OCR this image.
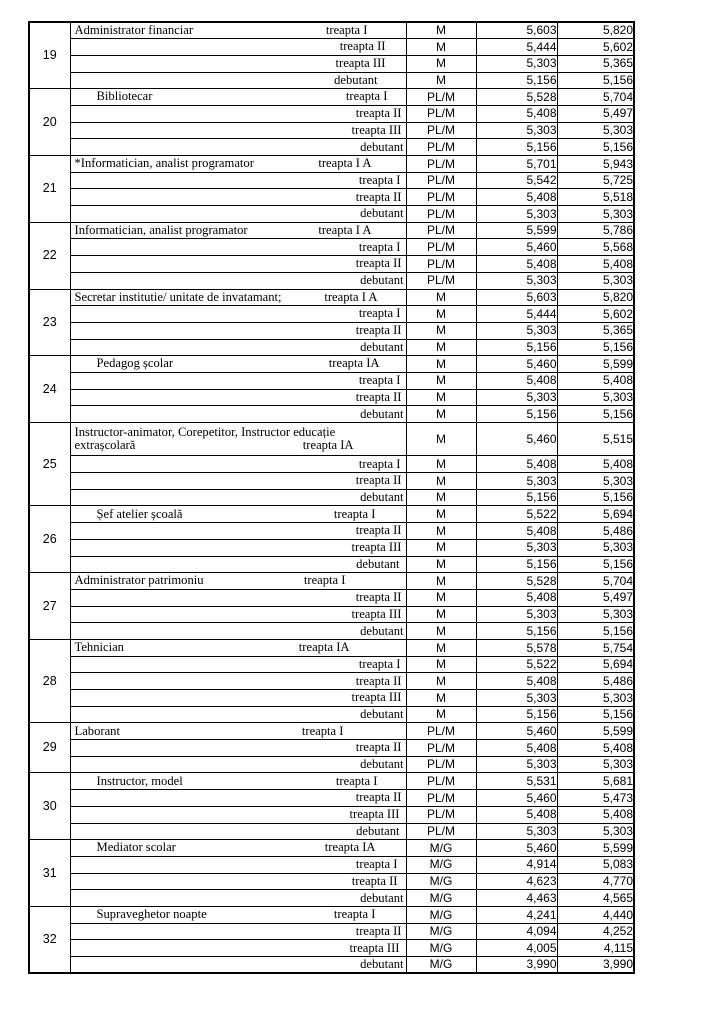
19	Administrator financiar treapta I	M	5,603	5,820

	treapta II	M	5,444	5,602

	treapta III	M	5,303	5,365

	debutant	M	5,156	5,156
20	Bibliotecar treapta I	PL/M	5,528	5,704

	treapta II	PL/M	5,408	5,497

	treapta III	PL/M	5,303	5,303

	debutant	PL/M	5,156	5,156
21	*Informatician, analist programator treapta I A	PL/M	5,701	5,943

	treapta I	PL/M	5,542	5,725

	treapta II	PL/M	5,408	5,518

	debutant	PL/M	5,303	5,303
22	Informatician, analist programator treapta I A	PL/M	5,599	5,786

	treapta I	PL/M	5,460	5,568

	treapta II	PL/M	5,408	5,408

	debutant	PL/M	5,303	5,303
23	Secretar institutie/ unitate de invatamant; treapta I A	M	5,603	5,820

	treapta I	M	5,444	5,602

	treapta II	M	5,303	5,365

	debutant	M	5,156	5,156
24	Pedagog școlar treapta IA	M	5,460	5,599

	treapta I	M	5,408	5,408

	treapta II	M	5,303	5,303

	debutant	M	5,156	5,156
25	Instructor-animator, Corepetitor, Instructor educație
extrașcolară treapta IA	M	5,460	5,515

	treapta I	M	5,408	5,408

	treapta II	M	5,303	5,303

	debutant	M	5,156	5,156
26	Șef atelier școală treapta I	M	5,522	5,694

	treapta II	M	5,408	5,486

	treapta III	M	5,303	5,303

	debutant	M	5,156	5,156
27	Administrator patrimoniu treapta I	M	5,528	5,704

	treapta II	M	5,408	5,497

	treapta III	M	5,303	5,303

	debutant	M	5,156	5,156
28	Tehnician treapta IA	M	5,578	5,754

	treapta I	M	5,522	5,694

	treapta II	M	5,408	5,486

	treapta III	M	5,303	5,303

	debutant	M	5,156	5,156
29	Laborant treapta I	PL/M	5,460	5,599

	treapta II	PL/M	5,408	5,408

	debutant	PL/M	5,303	5,303
30	Instructor, model treapta I	PL/M	5,531	5,681

	treapta II	PL/M	5,460	5,473

	treapta III	PL/M	5,408	5,408

	debutant	PL/M	5,303	5,303
31	Mediator scolar treapta IA	M/G	5,460	5,599

	treapta I	M/G	4,914	5,083

	treapta II	M/G	4,623	4,770

	debutant	M/G	4,463	4,565
32	Supraveghetor noapte treapta I	M/G	4,241	4,440

	treapta II	M/G	4,094	4,252

	treapta III	M/G	4,005	4,115

	debutant	M/G	3,990	3,990
